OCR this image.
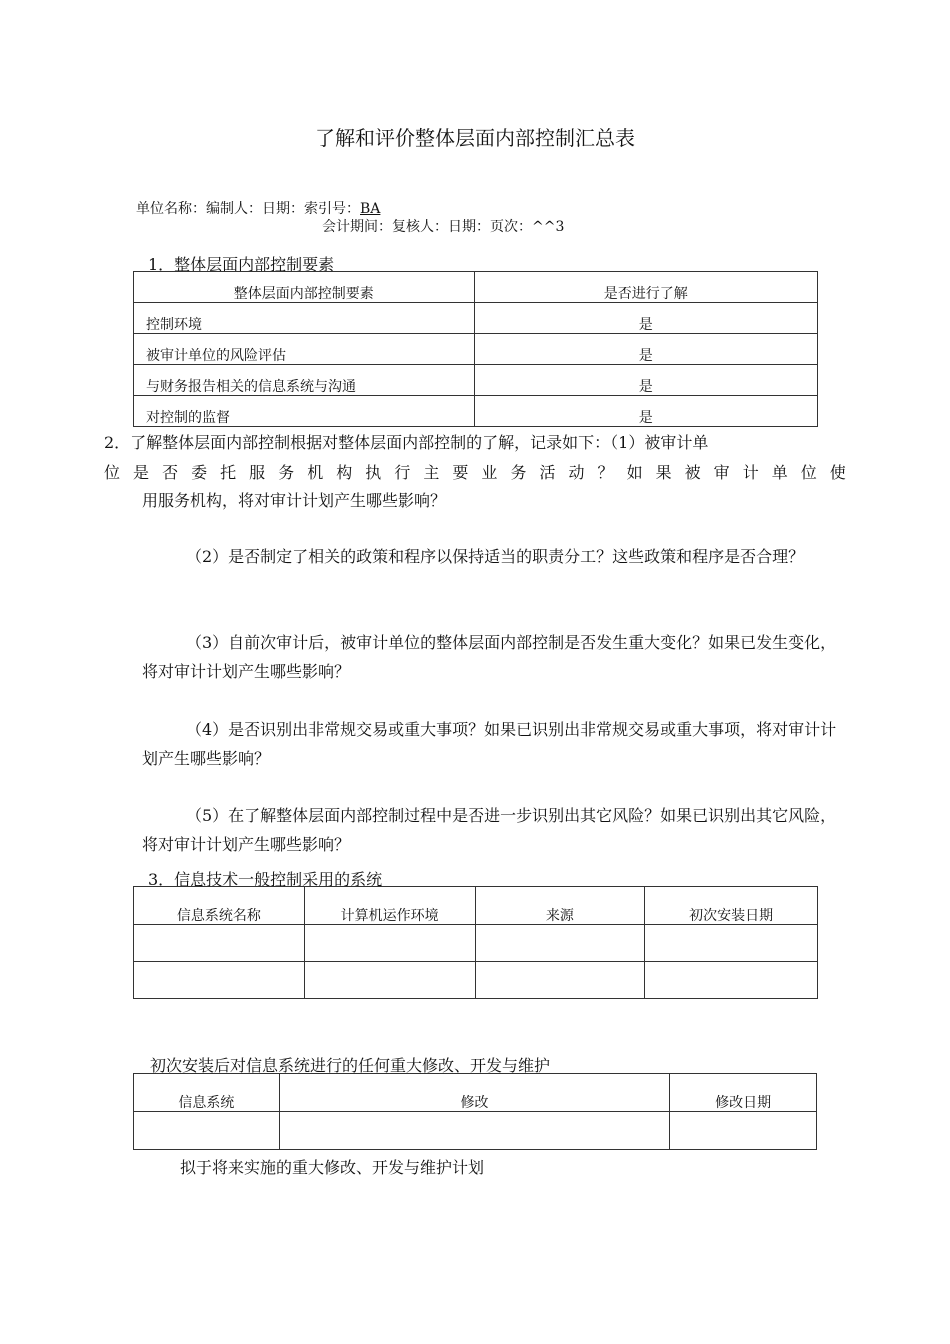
了解和评价整体层面内部控制汇总表
单位名称：编制人：日期：索引号：BA
会计期间：复核人：日期：页次：^^3
1．整体层面内部控制要素
整体层面内部控制要素	是否进行了解
控制环境	是
被审计单位的风险评估	是
与财务报告相关的信息系统与沟通	是
对控制的监督	是
2．了解整体层面内部控制根据对整体层面内部控制的了解，记录如下：（1）被审计单
位 是 否 委 托 服 务 机 构 执 行 主 要 业 务 活 动 ？ 如 果 被 审 计 单 位 使
用服务机构，将对审计计划产生哪些影响？
（2）是否制定了相关的政策和程序以保持适当的职责分工？这些政策和程序是否合理？
（3）自前次审计后，被审计单位的整体层面内部控制是否发生重大变化？如果已发生变化，将对审计计划产生哪些影响？
（4）是否识别出非常规交易或重大事项？如果已识别出非常规交易或重大事项，将对审计计划产生哪些影响？
（5）在了解整体层面内部控制过程中是否进一步识别出其它风险？如果已识别出其它风险，将对审计计划产生哪些影响？
3．信息技术一般控制采用的系统
信息系统名称	计算机运作环境	来源	初次安装日期

初次安装后对信息系统进行的任何重大修改、开发与维护
信息系统	修改	修改日期

拟于将来实施的重大修改、开发与维护计划
